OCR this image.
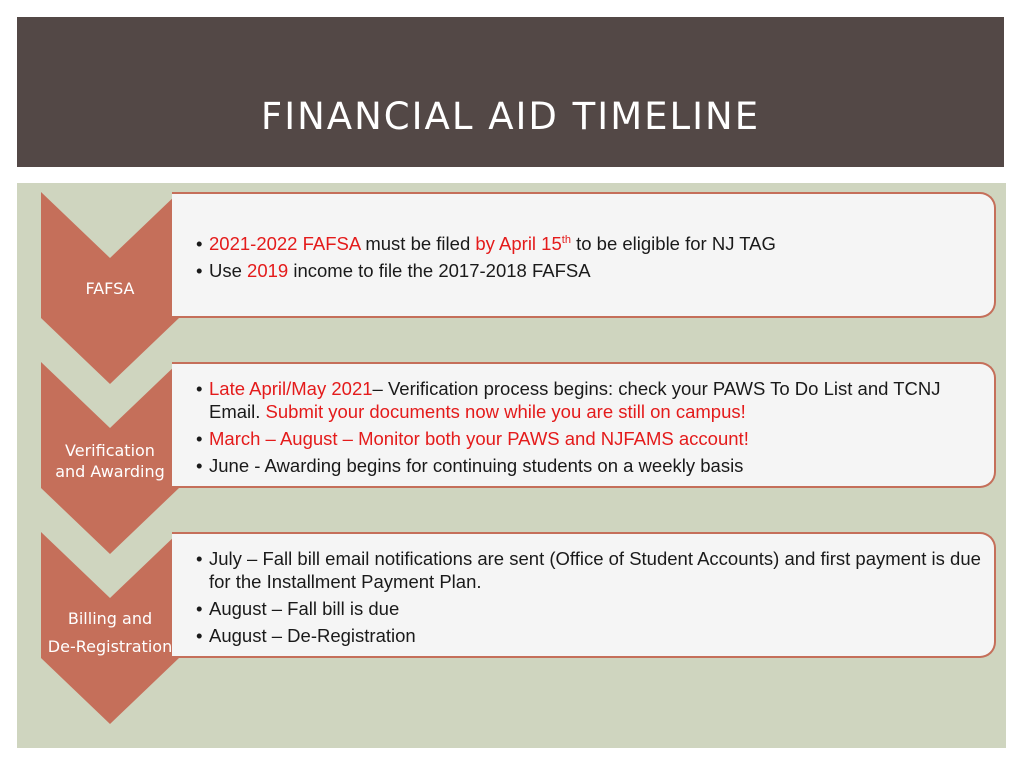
FINANCIAL AID TIMELINE
FAFSA
Verification
and Awarding
Billing and
De-Registration
• 2021-2022 FAFSA must be filed by April 15th to be eligible for NJ TAG
• Use 2019 income to file the 2017-2018 FAFSA
• Late April/May 2021– Verification process begins: check your PAWS To Do List and TCNJ Email. Submit your documents now while you are still on campus!
• March – August – Monitor both your PAWS and NJFAMS account!
• June - Awarding begins for continuing students on a weekly basis
• July – Fall bill email notifications are sent (Office of Student Accounts) and first payment is due for the Installment Payment Plan.
• August – Fall bill is due
• August – De-Registration
